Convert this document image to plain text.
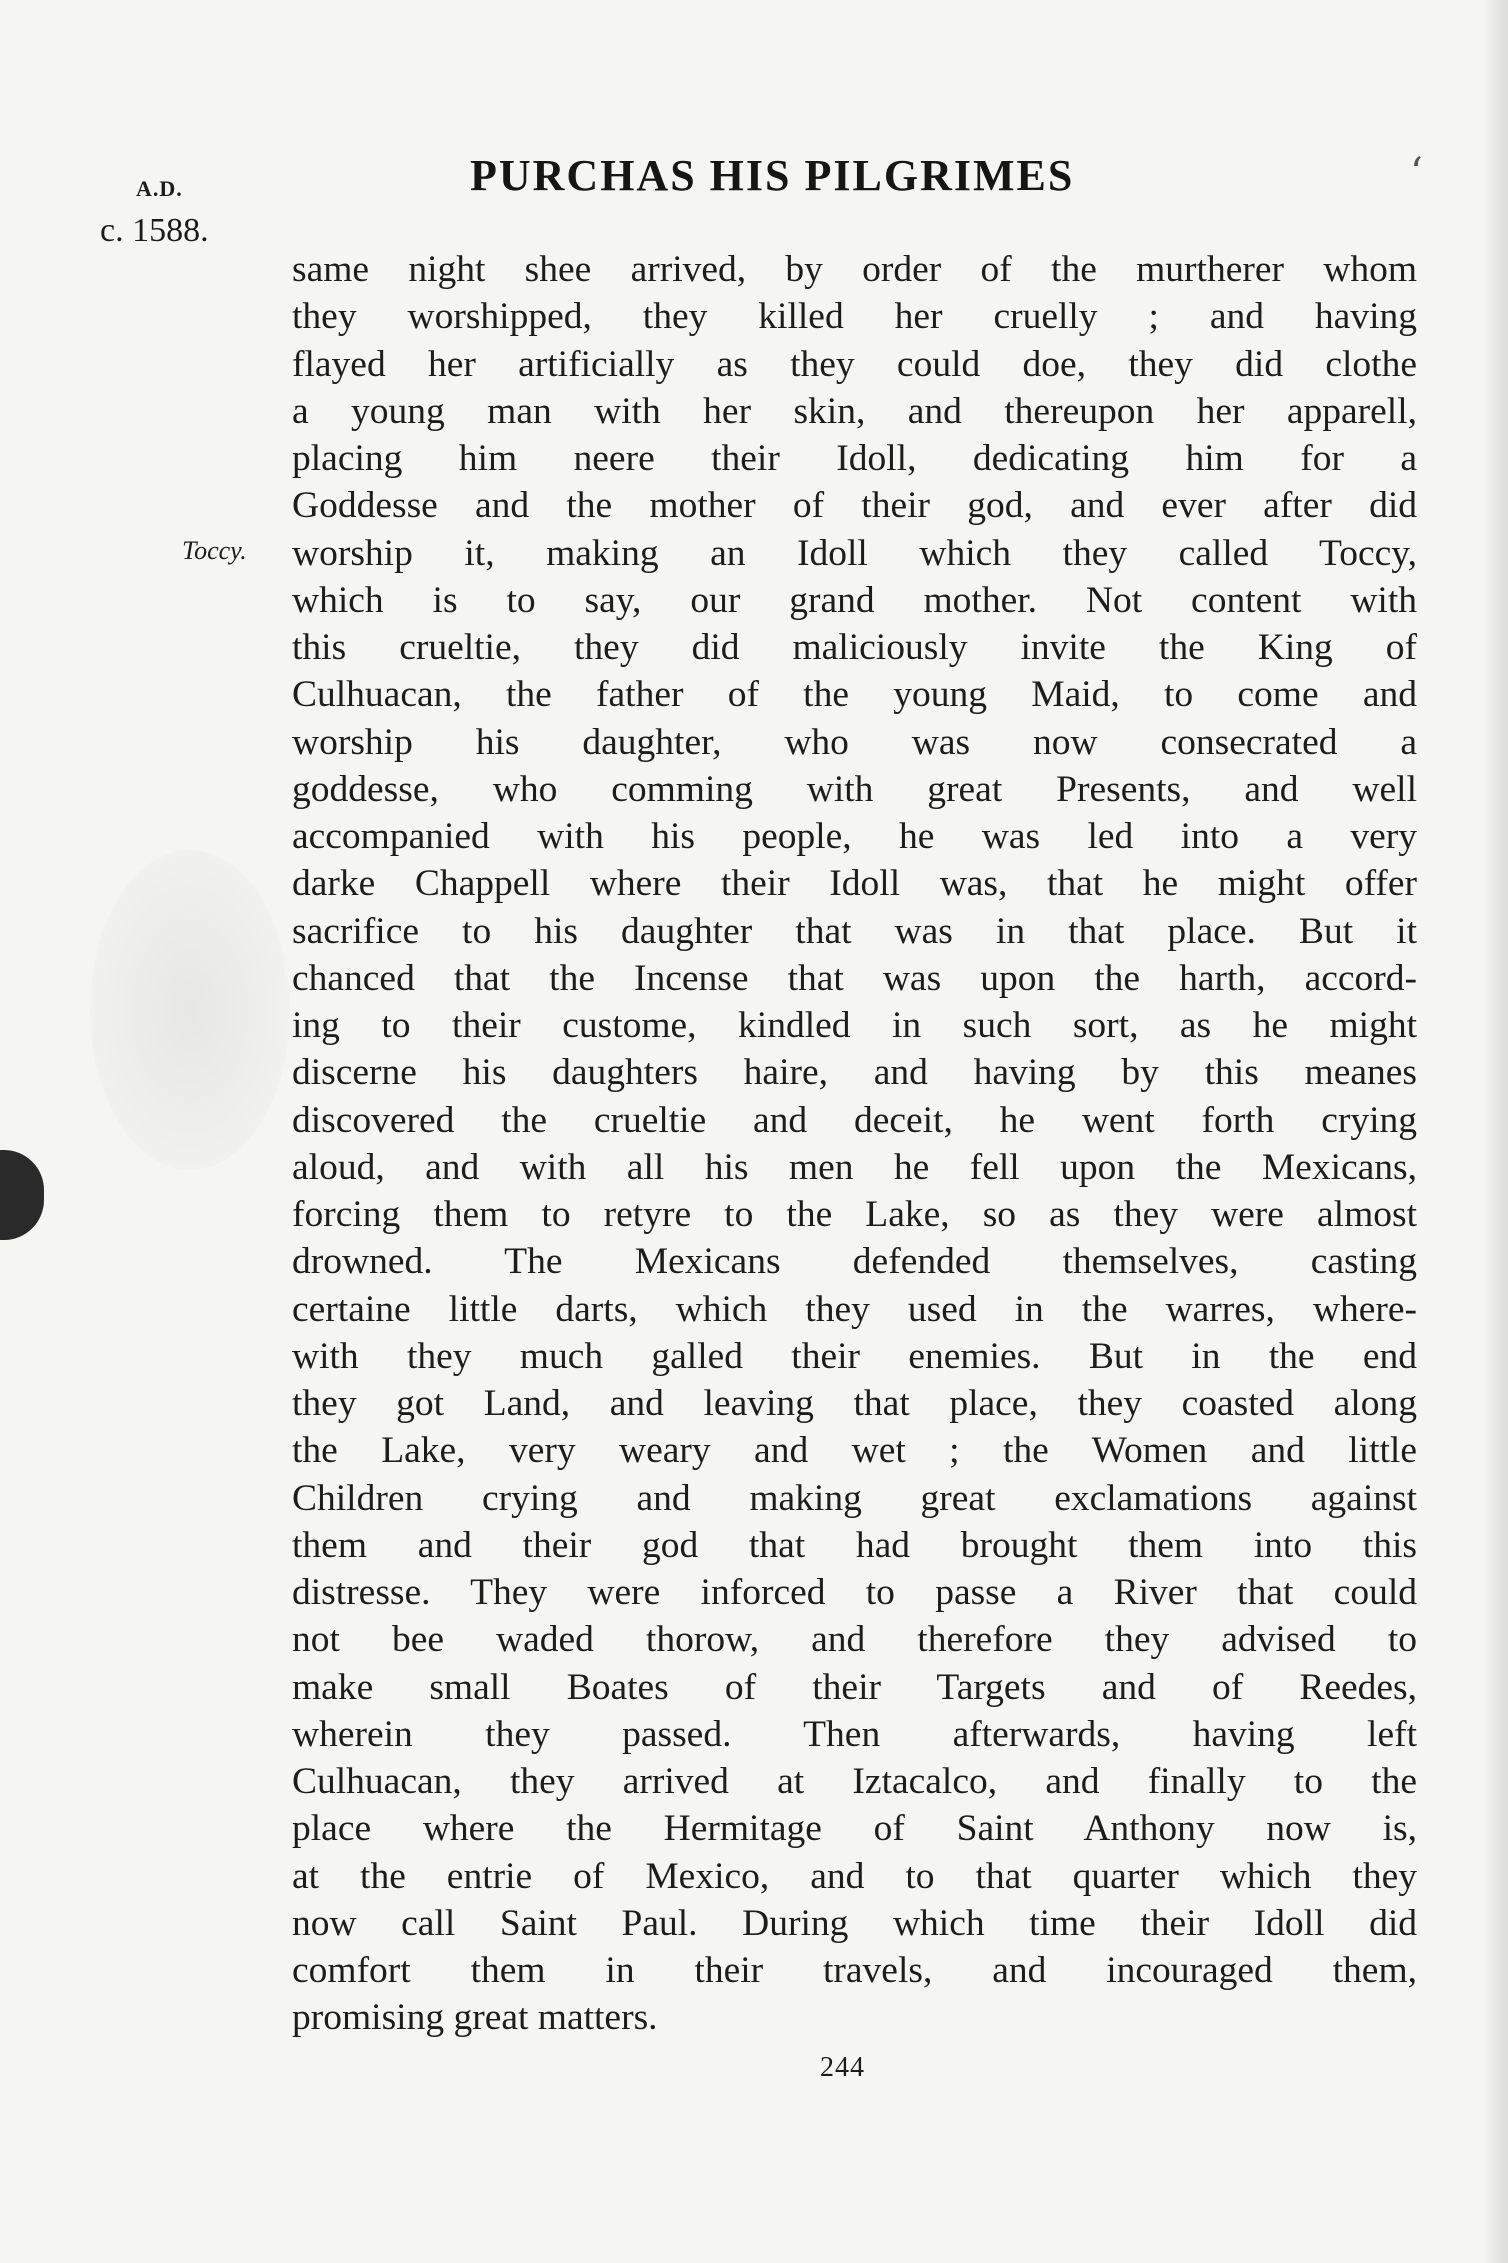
A.D.	PURCHAS HIS PILGRIMES
c. 1588.
‘
Toccy.
same night shee arrived, by order of the murtherer whom
they worshipped, they killed her cruelly ; and having
flayed her artificially as they could doe, they did clothe
a young man with her skin, and thereupon her apparell,
placing him neere their Idoll, dedicating him for a
Goddesse and the mother of their god, and ever after did
worship it, making an Idoll which they called Toccy,
which is to say, our grand mother. Not content with
this crueltie, they did maliciously invite the King of
Culhuacan, the father of the young Maid, to come and
worship his daughter, who was now consecrated a
goddesse, who comming with great Presents, and well
accompanied with his people, he was led into a very
darke Chappell where their Idoll was, that he might offer
sacrifice to his daughter that was in that place. But it
chanced that the Incense that was upon the harth, accord-
ing to their custome, kindled in such sort, as he might
discerne his daughters haire, and having by this meanes
discovered the crueltie and deceit, he went forth crying
aloud, and with all his men he fell upon the Mexicans,
forcing them to retyre to the Lake, so as they were almost
drowned. The Mexicans defended themselves, casting
certaine little darts, which they used in the warres, where-
with they much galled their enemies. But in the end
they got Land, and leaving that place, they coasted along
the Lake, very weary and wet ; the Women and little
Children crying and making great exclamations against
them and their god that had brought them into this
distresse. They were inforced to passe a River that could
not bee waded thorow, and therefore they advised to
make small Boates of their Targets and of Reedes,
wherein they passed. Then afterwards, having left
Culhuacan, they arrived at Iztacalco, and finally to the
place where the Hermitage of Saint Anthony now is,
at the entrie of Mexico, and to that quarter which they
now call Saint Paul. During which time their Idoll did
comfort them in their travels, and incouraged them,
promising great matters.
244
